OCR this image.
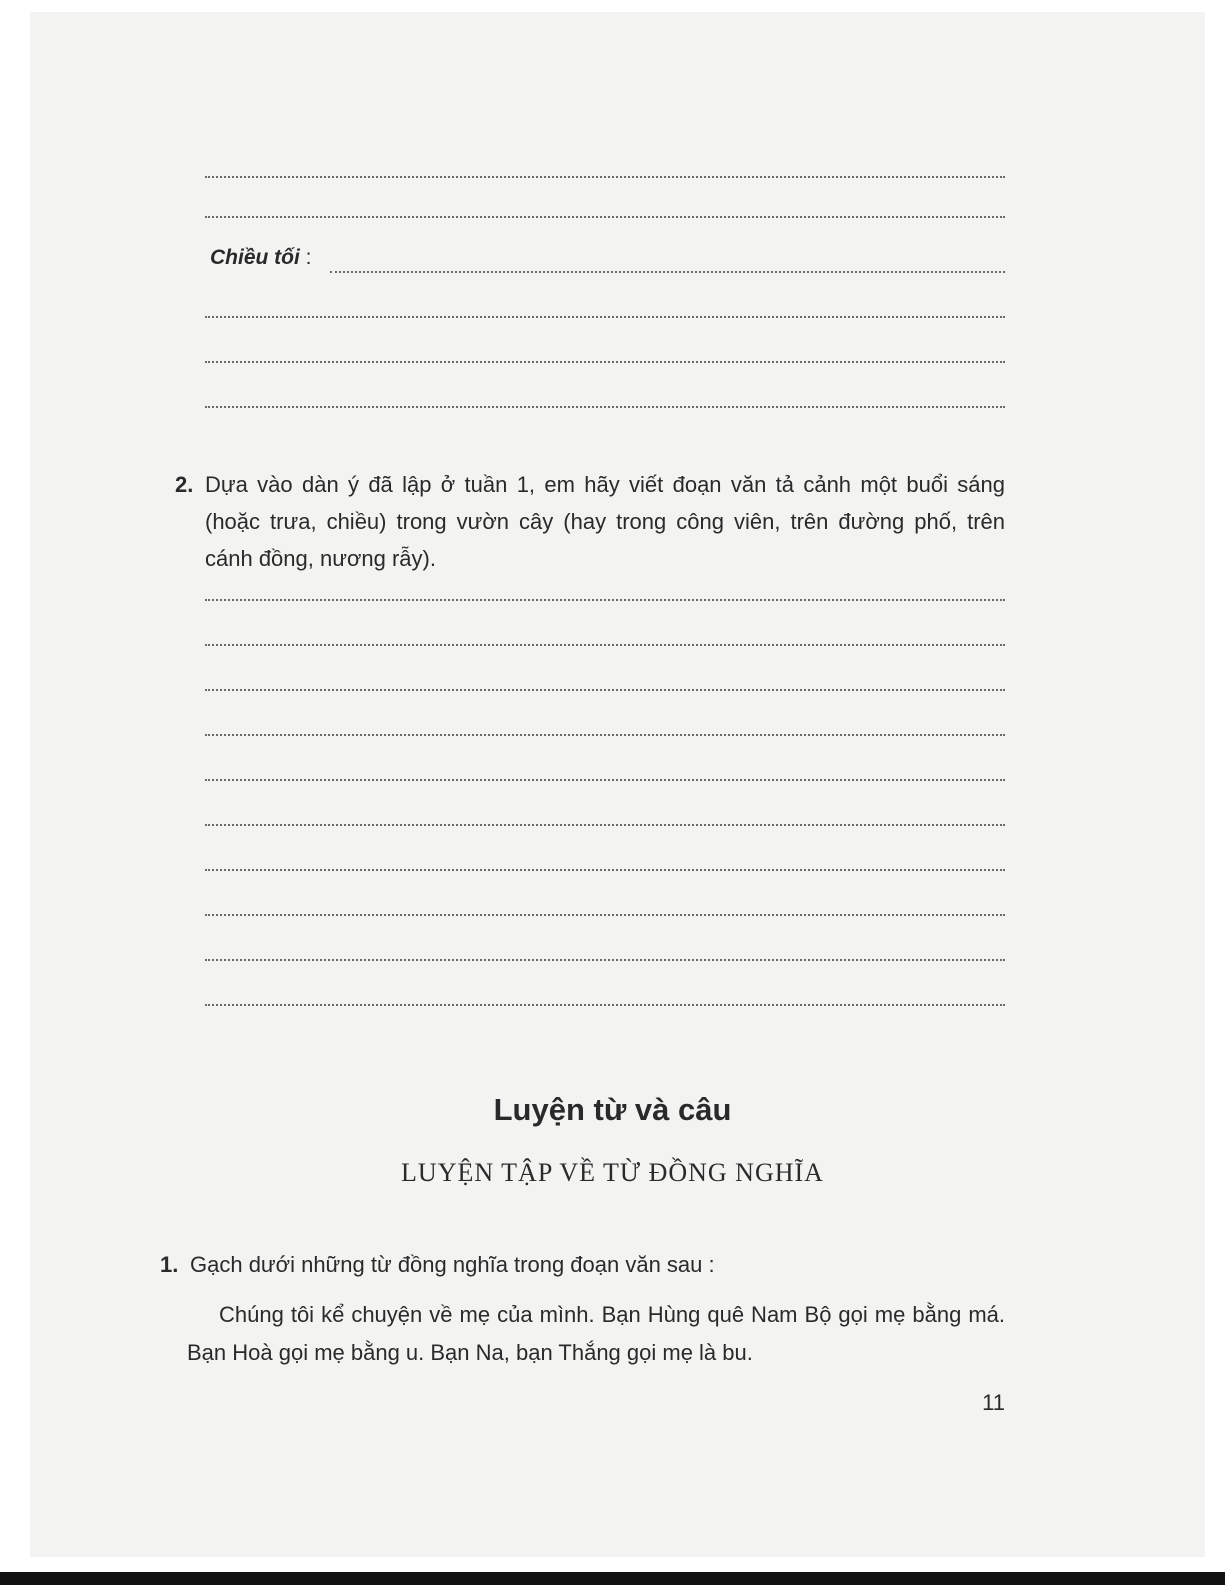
Chiều tối :
2. Dựa vào dàn ý đã lập ở tuần 1, em hãy viết đoạn văn tả cảnh một buổi sáng (hoặc trưa, chiều) trong vườn cây (hay trong công viên, trên đường phố, trên cánh đồng, nương rẫy).
Luyện từ và câu
LUYỆN TẬP VỀ TỪ ĐỒNG NGHĨA
1. Gạch dưới những từ đồng nghĩa trong đoạn văn sau :
Chúng tôi kể chuyện về mẹ của mình. Bạn Hùng quê Nam Bộ gọi mẹ bằng má. Bạn Hoà gọi mẹ bằng u. Bạn Na, bạn Thắng gọi mẹ là bu.
11
